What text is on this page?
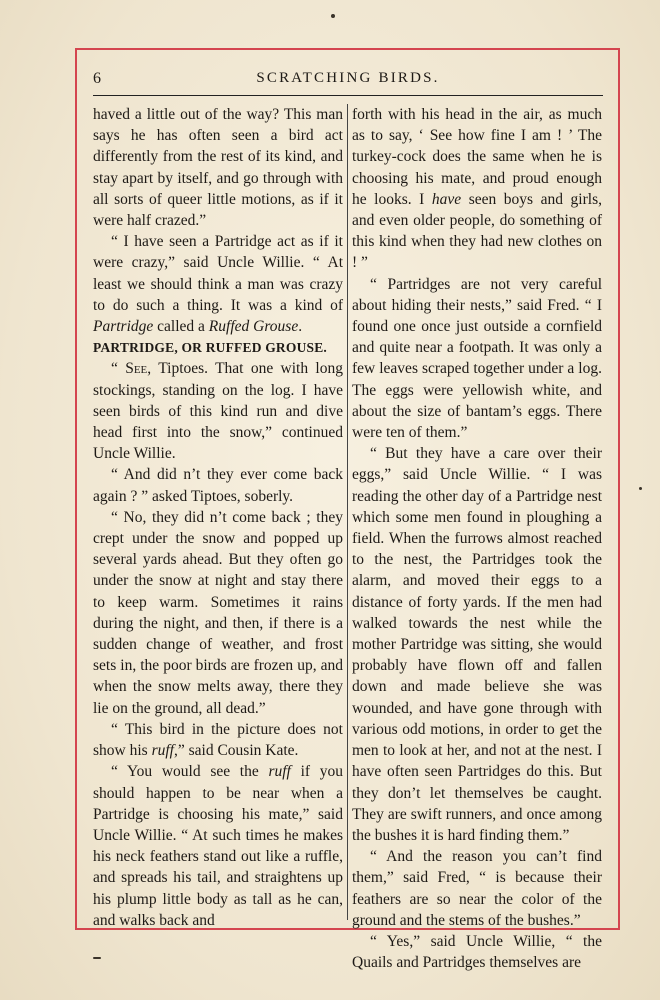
6	SCRATCHING BIRDS.

haved a little out of the way? This man says he has often seen a bird act differently from the rest of its kind, and stay apart by itself, and go through with all sorts of queer little motions, as if it were half crazed.”

“ I have seen a Partridge act as if it were crazy,” said Uncle Willie. “ At least we should think a man was crazy to do such a thing. It was a kind of Partridge called a Ruffed Grouse.

PARTRIDGE, OR RUFFED GROUSE.

“ See, Tiptoes. That one with long stockings, standing on the log. I have seen birds of this kind run and dive head first into the snow,” continued Uncle Willie.

“ And did n’t they ever come back again ? ” asked Tiptoes, soberly.

“ No, they did n’t come back ; they crept under the snow and popped up several yards ahead. But they often go under the snow at night and stay there to keep warm. Sometimes it rains during the night, and then, if there is a sudden change of weather, and frost sets in, the poor birds are frozen up, and when the snow melts away, there they lie on the ground, all dead.”

“ This bird in the picture does not show his ruff,” said Cousin Kate.

“ You would see the ruff if you should happen to be near when a Partridge is choosing his mate,” said Uncle Willie. “ At such times he makes his neck feathers stand out like a ruffle, and spreads his tail, and straightens up his plump little body as tall as he can, and walks back and

forth with his head in the air, as much as to say, ‘ See how fine I am ! ’ The turkey-cock does the same when he is choosing his mate, and proud enough he looks. I have seen boys and girls, and even older people, do something of this kind when they had new clothes on ! ”

“ Partridges are not very careful about hiding their nests,” said Fred. “ I found one once just outside a cornfield and quite near a footpath. It was only a few leaves scraped together under a log. The eggs were yellowish white, and about the size of bantam’s eggs. There were ten of them.”

“ But they have a care over their eggs,” said Uncle Willie. “ I was reading the other day of a Partridge nest which some men found in ploughing a field. When the furrows almost reached to the nest, the Partridges took the alarm, and moved their eggs to a distance of forty yards. If the men had walked towards the nest while the mother Partridge was sitting, she would probably have flown off and fallen down and made believe she was wounded, and have gone through with various odd motions, in order to get the men to look at her, and not at the nest. I have often seen Partridges do this. But they don’t let themselves be caught. They are swift runners, and once among the bushes it is hard finding them.”

“ And the reason you can’t find them,” said Fred, “ is because their feathers are so near the color of the ground and the stems of the bushes.”

“ Yes,” said Uncle Willie, “ the Quails and Partridges themselves are
